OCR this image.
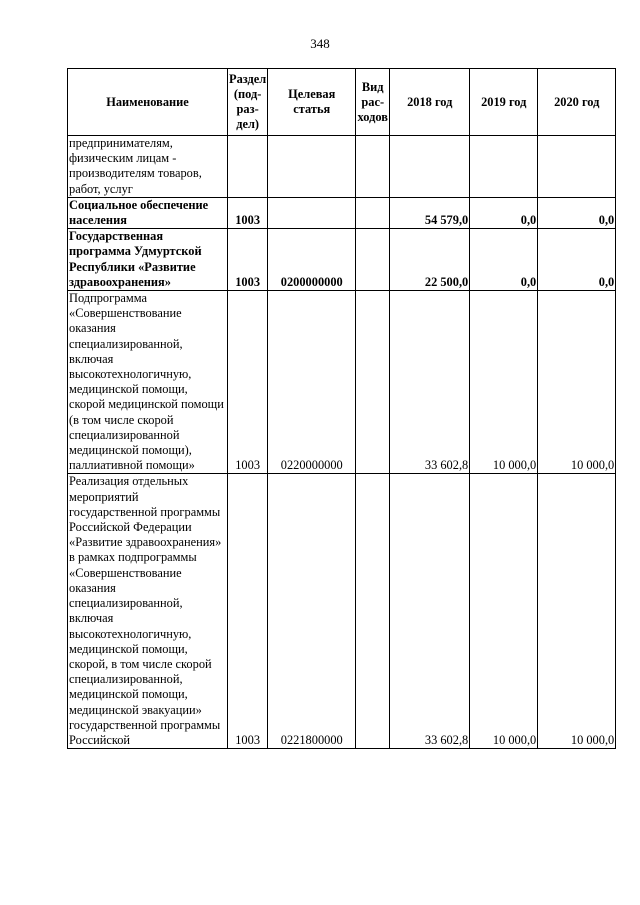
348
Наименование	Раздел (под-раз-дел)	Целевая статья	Вид рас-ходов	2018 год	2019 год	2020 год
предпринимателям, физическим лицам - производителям товаров, работ, услуг						
Социальное обеспечение населения	1003			54 579,0	0,0	0,0
Государственная программа Удмуртской Республики «Развитие здравоохранения»	1003	0200000000		22 500,0	0,0	0,0
Подпрограмма «Совершенствование оказания специализированной, включая высокотехнологичную, медицинской помощи, скорой медицинской помощи (в том числе скорой специализированной медицинской помощи), паллиативной помощи»	1003	0220000000		33 602,8	10 000,0	10 000,0
Реализация отдельных мероприятий государственной программы Российской Федерации «Развитие здравоохранения» в рамках подпрограммы «Совершенствование оказания специализированной, включая высокотехнологичную, медицинской помощи, скорой, в том числе скорой специализированной, медицинской помощи, медицинской эвакуации» государственной программы Российской	1003	0221800000		33 602,8	10 000,0	10 000,0
